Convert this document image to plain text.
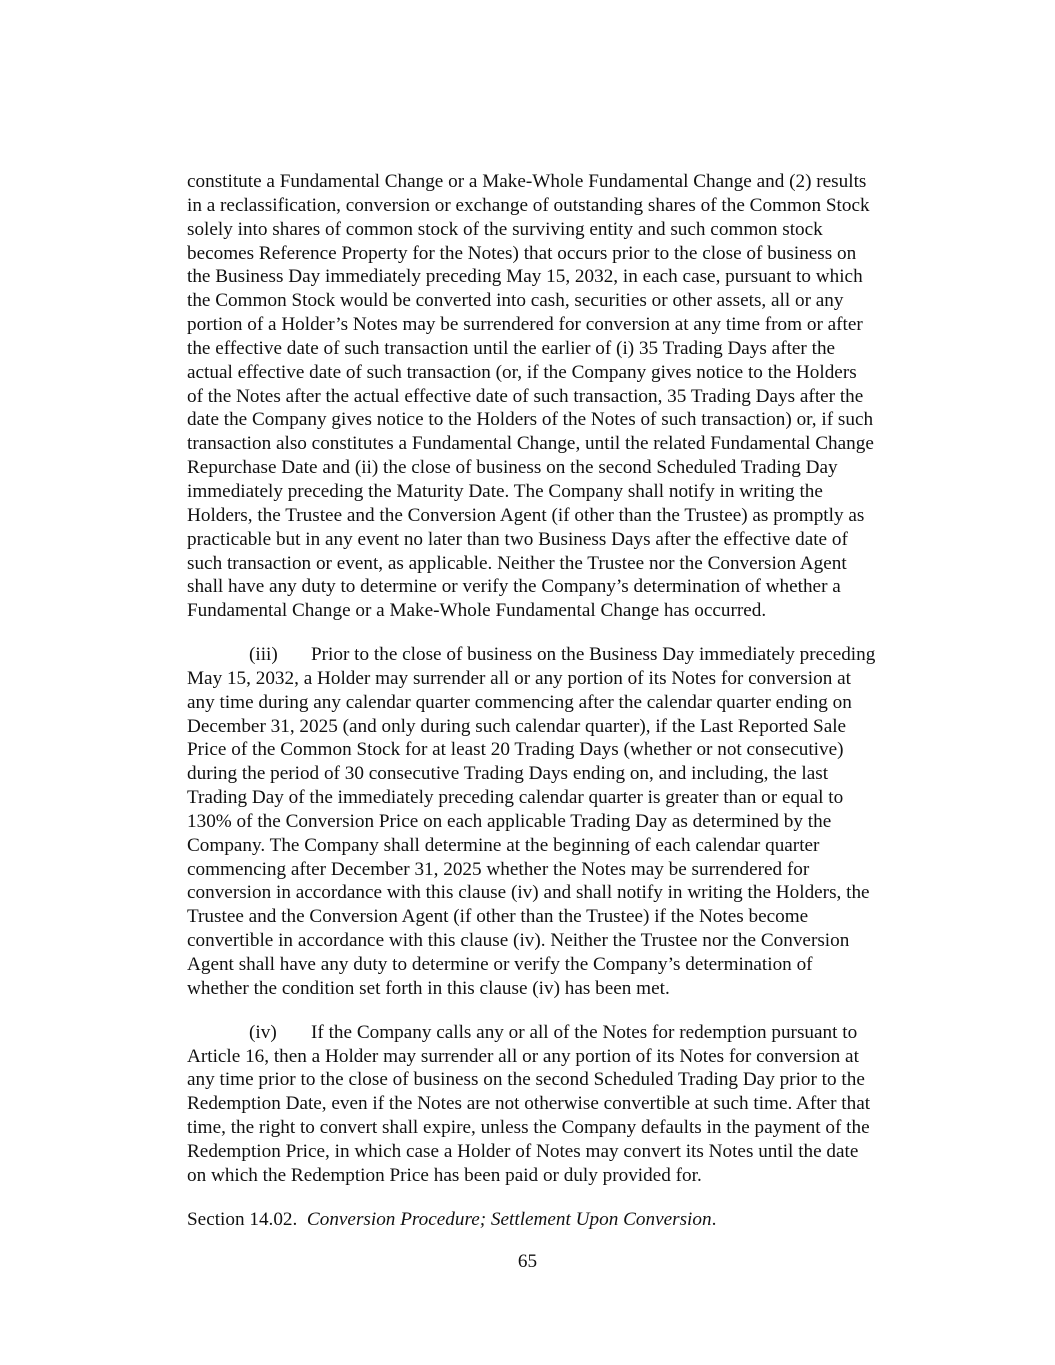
constitute a Fundamental Change or a Make-Whole Fundamental Change and (2) results
in a reclassification, conversion or exchange of outstanding shares of the Common Stock
solely into shares of common stock of the surviving entity and such common stock
becomes Reference Property for the Notes) that occurs prior to the close of business on
the Business Day immediately preceding May 15, 2032, in each case, pursuant to which
the Common Stock would be converted into cash, securities or other assets, all or any
portion of a Holder’s Notes may be surrendered for conversion at any time from or after
the effective date of such transaction until the earlier of (i) 35 Trading Days after the
actual effective date of such transaction (or, if the Company gives notice to the Holders
of the Notes after the actual effective date of such transaction, 35 Trading Days after the
date the Company gives notice to the Holders of the Notes of such transaction) or, if such
transaction also constitutes a Fundamental Change, until the related Fundamental Change
Repurchase Date and (ii) the close of business on the second Scheduled Trading Day
immediately preceding the Maturity Date. The Company shall notify in writing the
Holders, the Trustee and the Conversion Agent (if other than the Trustee) as promptly as
practicable but in any event no later than two Business Days after the effective date of
such transaction or event, as applicable. Neither the Trustee nor the Conversion Agent
shall have any duty to determine or verify the Company’s determination of whether a
Fundamental Change or a Make-Whole Fundamental Change has occurred.
(iii) Prior to the close of business on the Business Day immediately preceding
May 15, 2032, a Holder may surrender all or any portion of its Notes for conversion at
any time during any calendar quarter commencing after the calendar quarter ending on
December 31, 2025 (and only during such calendar quarter), if the Last Reported Sale
Price of the Common Stock for at least 20 Trading Days (whether or not consecutive)
during the period of 30 consecutive Trading Days ending on, and including, the last
Trading Day of the immediately preceding calendar quarter is greater than or equal to
130% of the Conversion Price on each applicable Trading Day as determined by the
Company. The Company shall determine at the beginning of each calendar quarter
commencing after December 31, 2025 whether the Notes may be surrendered for
conversion in accordance with this clause (iv) and shall notify in writing the Holders, the
Trustee and the Conversion Agent (if other than the Trustee) if the Notes become
convertible in accordance with this clause (iv). Neither the Trustee nor the Conversion
Agent shall have any duty to determine or verify the Company’s determination of
whether the condition set forth in this clause (iv) has been met.
(iv) If the Company calls any or all of the Notes for redemption pursuant to
Article 16, then a Holder may surrender all or any portion of its Notes for conversion at
any time prior to the close of business on the second Scheduled Trading Day prior to the
Redemption Date, even if the Notes are not otherwise convertible at such time. After that
time, the right to convert shall expire, unless the Company defaults in the payment of the
Redemption Price, in which case a Holder of Notes may convert its Notes until the date
on which the Redemption Price has been paid or duly provided for.

Section 14.02. Conversion Procedure; Settlement Upon Conversion.

65
